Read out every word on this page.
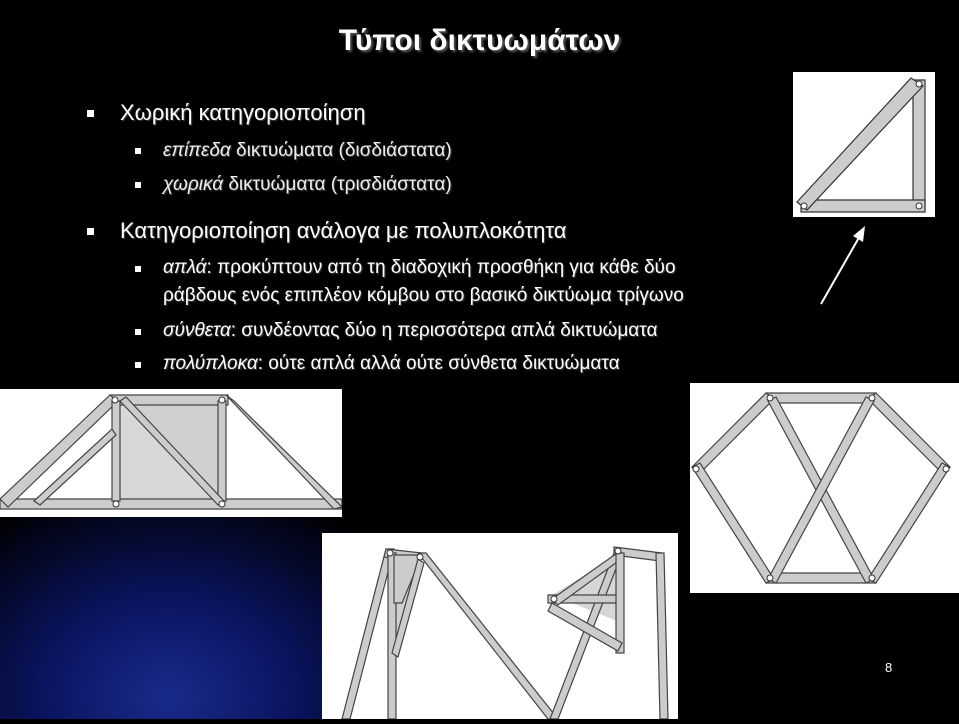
Τύποι δικτυωμάτων
Χωρική κατηγοριοποίηση
επίπεδα δικτυώματα (δισδιάστατα)
χωρικά δικτυώματα (τρισδιάστατα)
Κατηγοριοποίηση ανάλογα με πολυπλοκότητα
απλά: προκύπτουν από τη διαδοχική προσθήκη για κάθε δύο
ράβδους ενός επιπλέον κόμβου στο βασικό δικτύωμα τρίγωνο
σύνθετα: συνδέοντας δύο η περισσότερα απλά δικτυώματα
πολύπλοκα: ούτε απλά αλλά ούτε σύνθετα δικτυώματα
8
